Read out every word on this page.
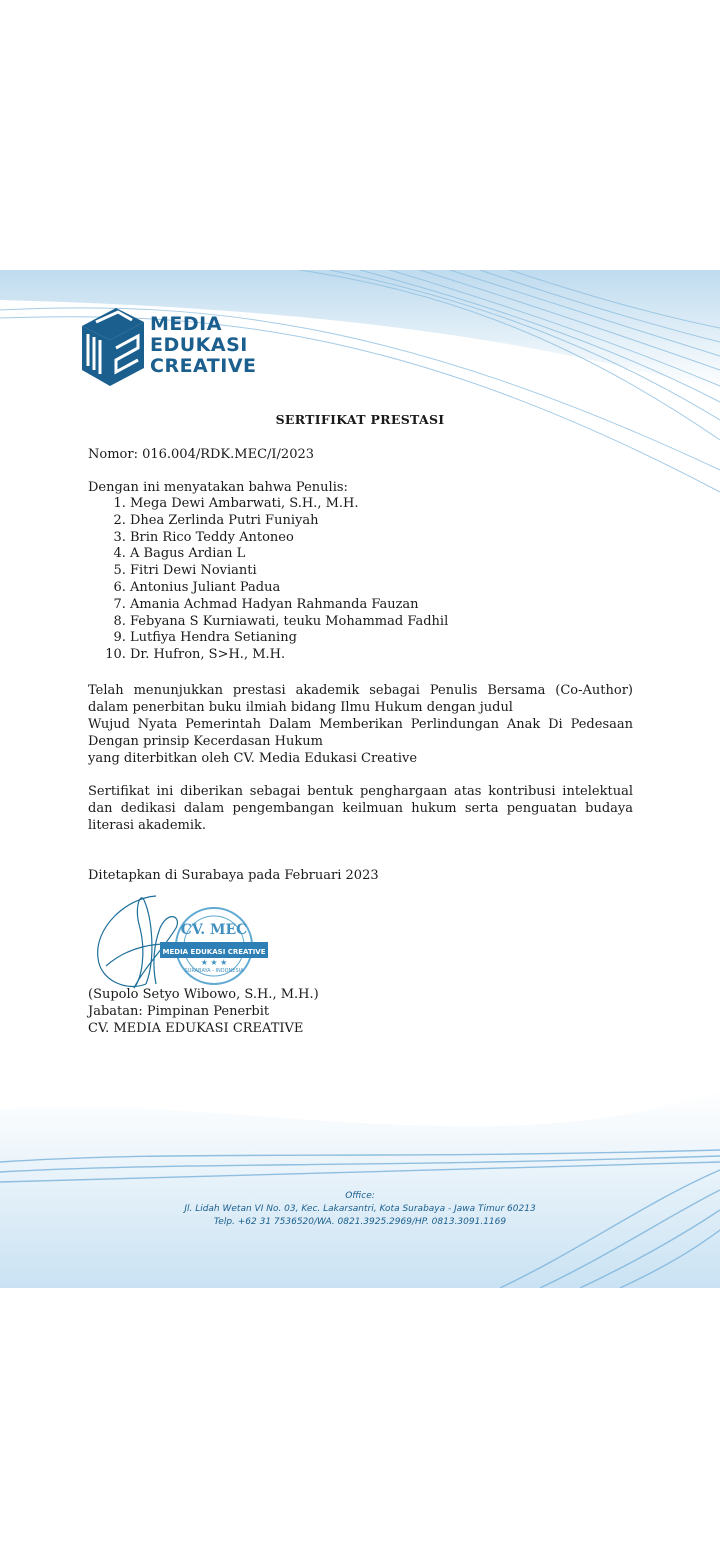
MEDIA
EDUKASI
CREATIVE
SERTIFIKAT PRESTASI
Nomor: 016.004/RDK.MEC/I/2023
Dengan ini menyatakan bahwa Penulis:
1. Mega Dewi Ambarwati, S.H., M.H.
2. Dhea Zerlinda Putri Funiyah
3. Brin Rico Teddy Antoneo
4. A Bagus Ardian L
5. Fitri Dewi Novianti
6. Antonius Juliant Padua
7. Amania Achmad Hadyan Rahmanda Fauzan
8. Febyana S Kurniawati, teuku Mohammad Fadhil
9. Lutfiya Hendra Setianing
10. Dr. Hufron, S>H., M.H.
Telah menunjukkan prestasi akademik sebagai Penulis Bersama (Co-Author) dalam penerbitan buku ilmiah bidang Ilmu Hukum dengan judul
Wujud Nyata Pemerintah Dalam Memberikan Perlindungan Anak Di Pedesaan Dengan prinsip Kecerdasan Hukum
yang diterbitkan oleh CV. Media Edukasi Creative
Sertifikat ini diberikan sebagai bentuk penghargaan atas kontribusi intelektual dan dedikasi dalam pengembangan keilmuan hukum serta penguatan budaya literasi akademik.
Ditetapkan di Surabaya pada Februari 2023
CV. MEC
MEDIA EDUKASI CREATIVE
SURABAYA - INDONESIA
★ ★ ★
(Supolo Setyo Wibowo, S.H., M.H.)
Jabatan: Pimpinan Penerbit
CV. MEDIA EDUKASI CREATIVE
Office:
Jl. Lidah Wetan VI No. 03, Kec. Lakarsantri, Kota Surabaya - Jawa Timur 60213
Telp. +62 31 7536520/WA. 0821.3925.2969/HP. 0813.3091.1169
